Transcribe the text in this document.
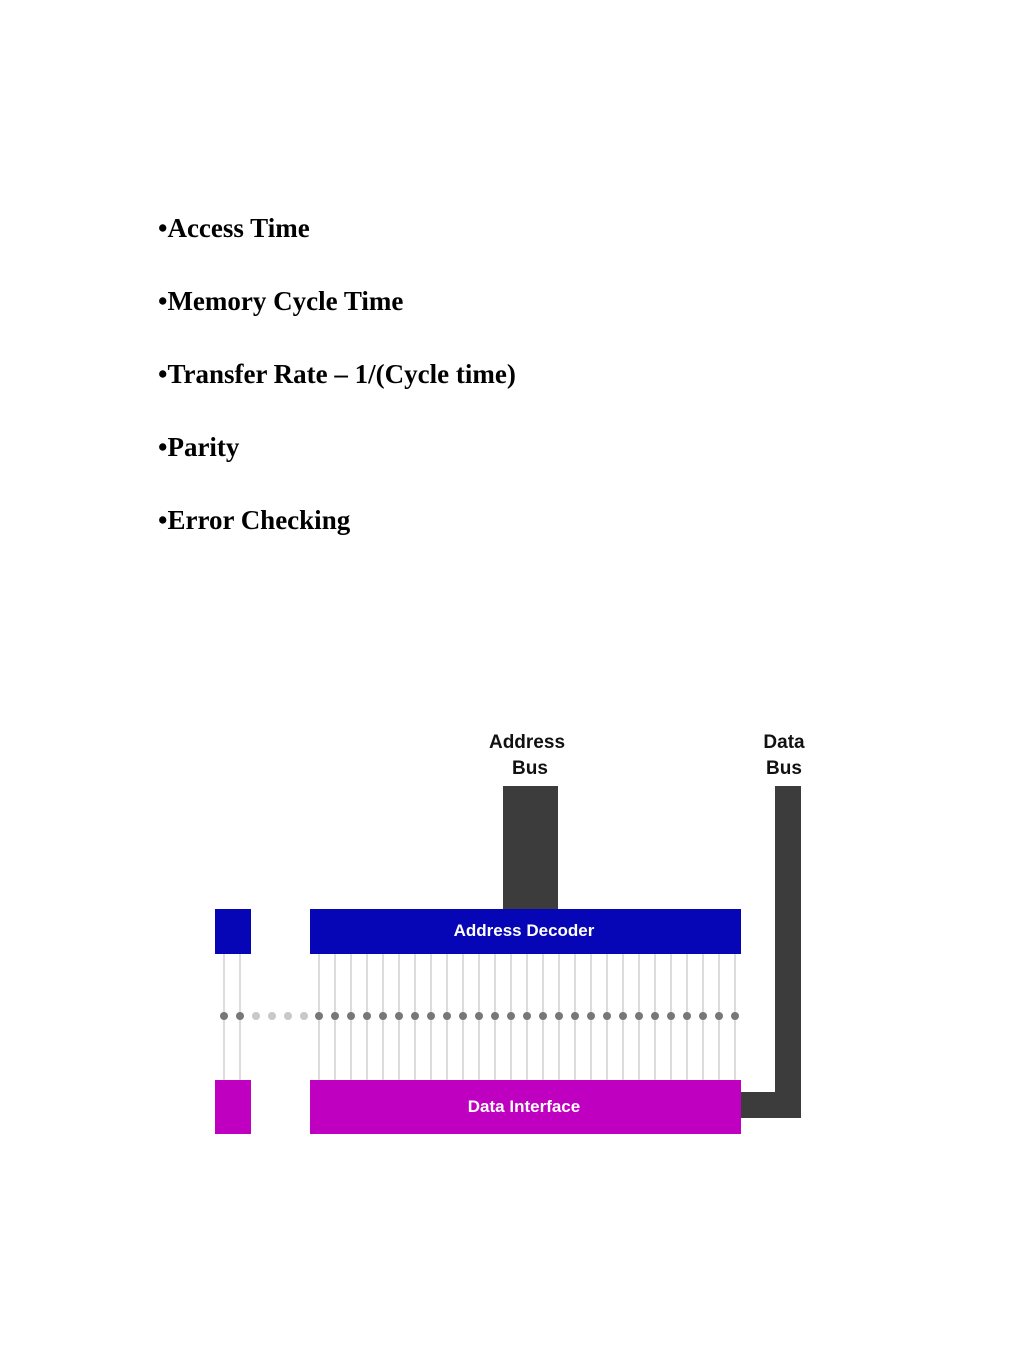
•Access Time
•Memory Cycle Time
•Transfer Rate – 1/(Cycle time)
•Parity
•Error Checking
Address
Bus
Data
Bus
Address Decoder
Data Interface
